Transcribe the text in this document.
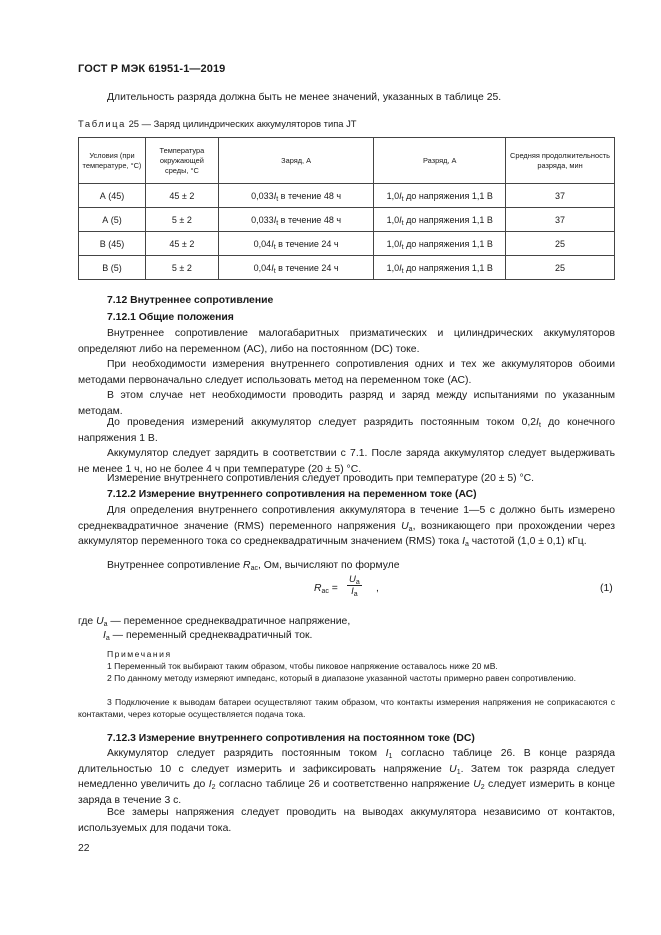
ГОСТ Р МЭК 61951-1—2019

Длительность разряда должна быть не менее значений, указанных в таблице 25.

Таблица 25 — Заряд цилиндрических аккумуляторов типа JT
Условия (при температуре, °С)	Температура окружающей среды, °С	Заряд, А	Разряд, А	Средняя продолжительность разряда, мин
А (45)	45 ± 2	$0,033I_t$ в течение 48 ч	$1,0I_t$ до напряжения 1,1 В	37
А (5)	5 ± 2	$0,033I_t$ в течение 48 ч	$1,0I_t$ до напряжения 1,1 В	37
В (45)	45 ± 2	$0,04I_t$ в течение 24 ч	$1,0I_t$ до напряжения 1,1 В	25
В (5)	5 ± 2	$0,04I_t$ в течение 24 ч	$1,0I_t$ до напряжения 1,1 В	25

7.12 Внутреннее сопротивление

7.12.1 Общие положения

Внутреннее сопротивление малогабаритных призматических и цилиндрических аккумуляторов определяют либо на переменном (АС), либо на постоянном (DC) токе.

При необходимости измерения внутреннего сопротивления одних и тех же аккумуляторов обоими методами первоначально следует использовать метод на переменном токе (АС).

В этом случае нет необходимости проводить разряд и заряд между испытаниями по указанным методам.

До проведения измерений аккумулятор следует разрядить постоянным током $0,2I_t$ до конечного напряжения 1 В.

Аккумулятор следует зарядить в соответствии с 7.1. После заряда аккумулятор следует выдерживать не менее 1 ч, но не более 4 ч при температуре (20 ± 5) °С.

Измерение внутреннего сопротивления следует проводить при температуре (20 ± 5) °С.

7.12.2 Измерение внутреннего сопротивления на переменном токе (АС)

Для определения внутреннего сопротивления аккумулятора в течение 1—5 с должно быть измерено среднеквадратичное значение (RMS) переменного напряжения $U_a$, возникающего при прохождении через аккумулятор переменного тока со среднеквадратичным значением (RMS) тока $I_a$ частотой (1,0 ± 0,1) кГц.

Внутреннее сопротивление $R_{ac}$, Ом, вычисляют по формуле

$R_{ac} = \frac{U_a}{I_a}$ ,	(1)

где $U_a$ — переменное среднеквадратичное напряжение,

$I_a$ — переменный среднеквадратичный ток.

Примечания

1 Переменный ток выбирают таким образом, чтобы пиковое напряжение оставалось ниже 20 мВ.

2 По данному методу измеряют импеданс, который в диапазоне указанной частоты примерно равен сопротивлению.

3 Подключение к выводам батареи осуществляют таким образом, что контакты измерения напряжения не соприкасаются с контактами, через которые осуществляется подача тока.

7.12.3 Измерение внутреннего сопротивления на постоянном токе (DC)

Аккумулятор следует разрядить постоянным током $I_1$ согласно таблице 26. В конце разряда длительностью 10 с следует измерить и зафиксировать напряжение $U_1$. Затем ток разряда следует немедленно увеличить до $I_2$ согласно таблице 26 и соответственно напряжение $U_2$ следует измерить в конце заряда в течение 3 с.

Все замеры напряжения следует проводить на выводах аккумулятора независимо от контактов, используемых для подачи тока.

22
